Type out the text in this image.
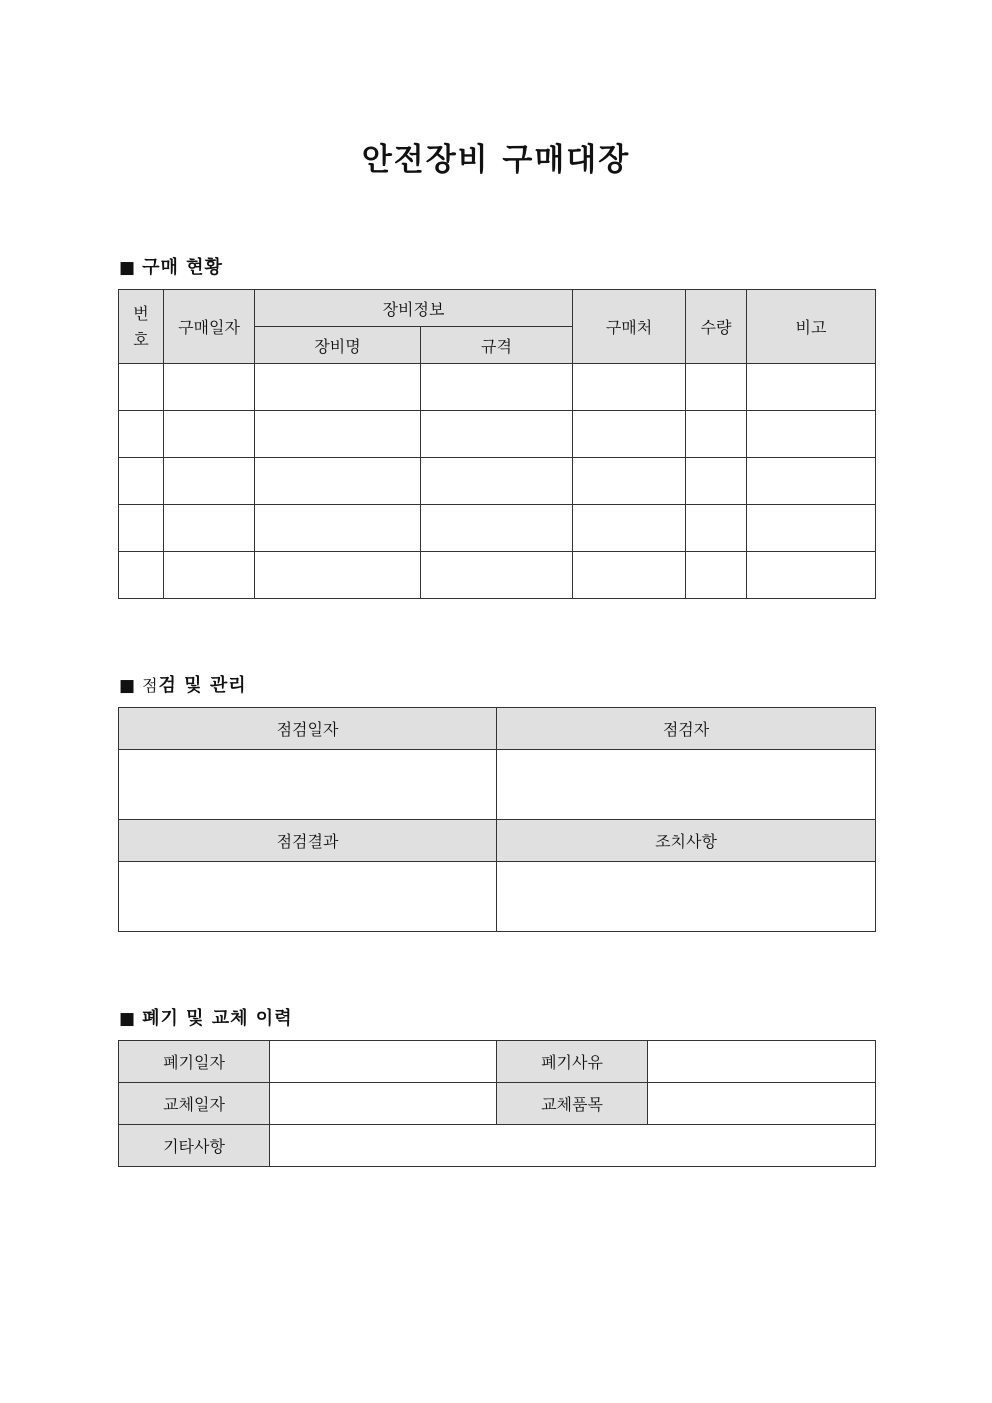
안전장비 구매대장
■ 구매 현황
번호	구매일자	장비정보		구매처	수량	비고
		장비명	규격			

■ 점검 및 관리
점검일자	점검자

점검결과	조치사항

■ 폐기 및 교체 이력
폐기일자		폐기사유	
교체일자		교체품목	
기타사항			
